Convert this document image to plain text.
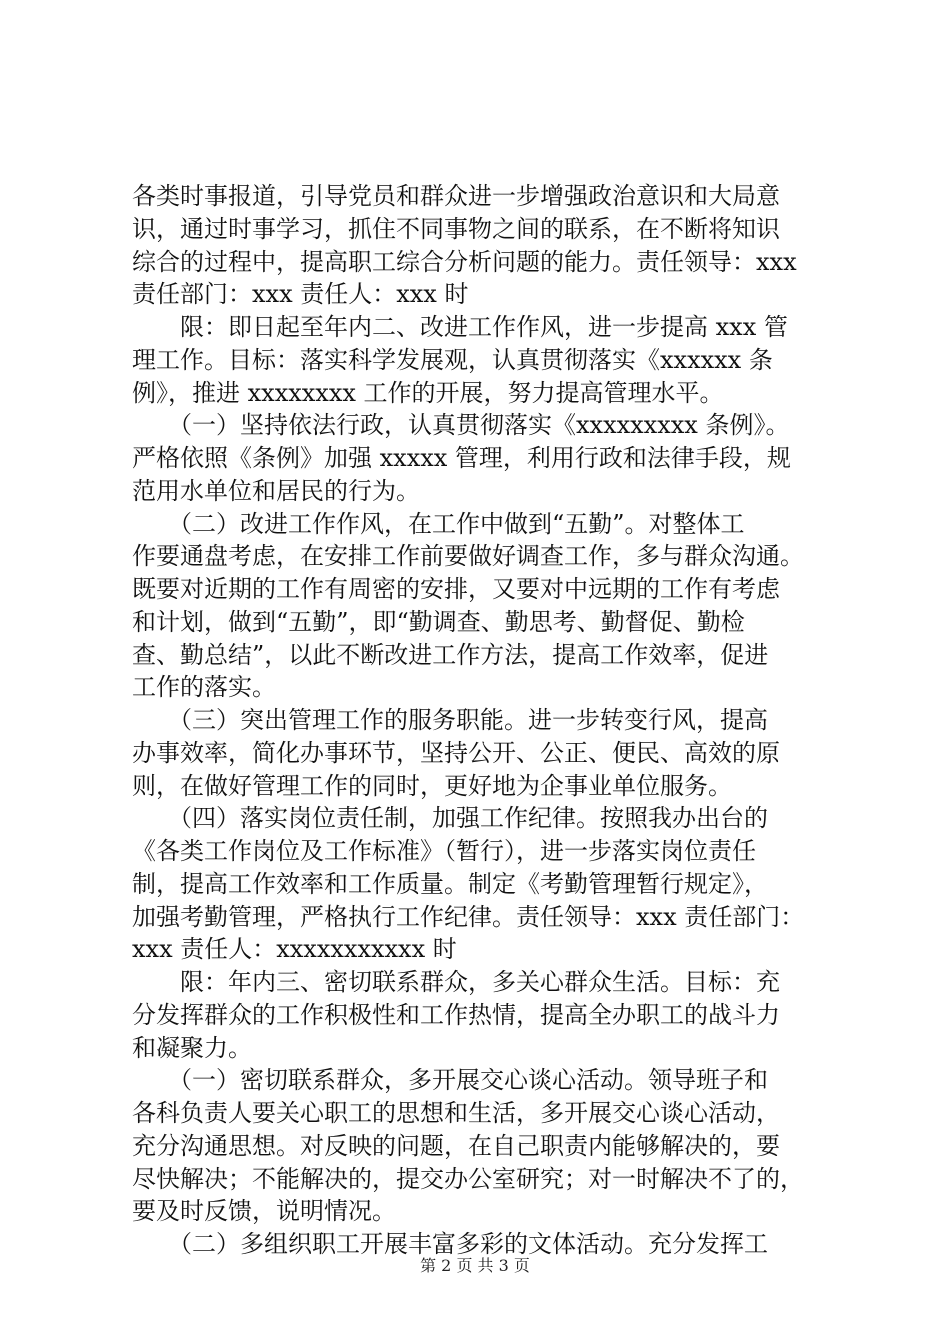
各类时事报道，引导党员和群众进一步增强政治意识和大局意
识，通过时事学习，抓住不同事物之间的联系，在不断将知识
综合的过程中，提高职工综合分析问题的能力。责任领导：xxx
责任部门：xxx 责任人：xxx 时
　　限：即日起至年内二、改进工作作风，进一步提高 xxx 管
理工作。目标：落实科学发展观，认真贯彻落实《xxxxxx 条
例》，推进 xxxxxxxx 工作的开展，努力提高管理水平。
　　（一）坚持依法行政，认真贯彻落实《xxxxxxxxx 条例》。
严格依照《条例》加强 xxxxx 管理，利用行政和法律手段，规
范用水单位和居民的行为。
　　（二）改进工作作风，在工作中做到“五勤”。对整体工
作要通盘考虑，在安排工作前要做好调查工作，多与群众沟通。
既要对近期的工作有周密的安排，又要对中远期的工作有考虑
和计划，做到“五勤”，即“勤调查、勤思考、勤督促、勤检
查、勤总结”，以此不断改进工作方法，提高工作效率，促进
工作的落实。
　　（三）突出管理工作的服务职能。进一步转变行风，提高
办事效率，简化办事环节，坚持公开、公正、便民、高效的原
则，在做好管理工作的同时，更好地为企事业单位服务。
　　（四）落实岗位责任制，加强工作纪律。按照我办出台的
《各类工作岗位及工作标准》（暂行），进一步落实岗位责任
制，提高工作效率和工作质量。制定《考勤管理暂行规定》，
加强考勤管理，严格执行工作纪律。责任领导：xxx 责任部门：
xxx 责任人：xxxxxxxxxxx 时
　　限：年内三、密切联系群众，多关心群众生活。目标：充
分发挥群众的工作积极性和工作热情，提高全办职工的战斗力
和凝聚力。
　　（一）密切联系群众，多开展交心谈心活动。领导班子和
各科负责人要关心职工的思想和生活，多开展交心谈心活动，
充分沟通思想。对反映的问题，在自己职责内能够解决的，要
尽快解决；不能解决的，提交办公室研究；对一时解决不了的，
要及时反馈，说明情况。
　　（二）多组织职工开展丰富多彩的文体活动。充分发挥工
第 2 页 共 3 页
